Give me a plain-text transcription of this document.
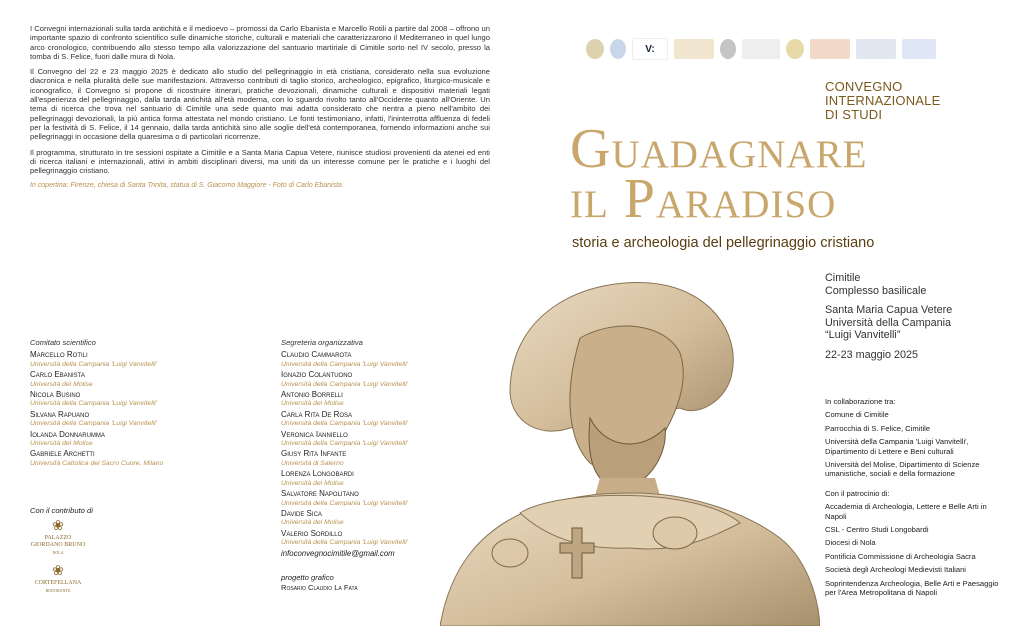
I Convegni internazionali sulla tarda antichità e il medioevo – promossi da Carlo Ebanista e Marcello Rotili a partire dal 2008 – offrono un importante spazio di confronto scientifico sulle dinamiche storiche, culturali e materiali che caratterizzarono il Mediterraneo in quel lungo arco cronologico, contribuendo allo stesso tempo alla valorizzazione del santuario martiriale di Cimitile sorto nel IV secolo, presso la tomba di S. Felice, fuori dalle mura di Nola.

Il Convegno del 22 e 23 maggio 2025 è dedicato allo studio del pellegrinaggio in età cristiana, considerato nella sua evoluzione diacronica e nella pluralità delle sue manifestazioni. Attraverso contributi di taglio storico, archeologico, epigrafico, liturgico-musicale e iconografico, il Convegno si propone di ricostruire itinerari, pratiche devozionali, dinamiche culturali e dispositivi materiali legati all'esperienza del pellegrinaggio, dalla tarda antichità all'età moderna, con lo sguardo rivolto tanto all'Occidente quanto all'Oriente. Un tema di ricerca che trova nel santuario di Cimitile una sede quanto mai adatta considerato che rientra a pieno nell'ambito dei pellegrinaggi devozionali, la più antica forma attestata nel mondo cristiano. Le fonti testimoniano, infatti, l'ininterrotta affluenza di fedeli per la festività di S. Felice, il 14 gennaio, dalla tarda antichità sino alle soglie dell'età contemporanea, fornendo informazioni anche sui pellegrinaggi in occasione della quaresima o di particolari ricorrenze.

Il programma, strutturato in tre sessioni ospitate a Cimitile e a Santa Maria Capua Vetere, riunisce studiosi provenienti da atenei ed enti di ricerca italiani e internazionali, attivi in ambiti disciplinari diversi, ma uniti da un interesse comune per le pratiche e i luoghi del pellegrinaggio cristiano.

In copertina: Firenze, chiesa di Santa Trinita, statua di S. Giacomo Maggiore - Foto di Carlo Ebanista

Comitato scientifico
Marcello Rotili
Università della Campania 'Luigi Vanvitelli'
Carlo Ebanista
Università del Molise
Nicola Busino
Università della Campania 'Luigi Vanvitelli'
Silvana Rapuano
Università della Campania 'Luigi Vanvitelli'
Iolanda Donnarumma
Università del Molise
Gabriele Archetti
Università Cattolica del Sacro Cuore, Milano
Segreteria organizzativa
Claudio Cammarota
Università della Campania 'Luigi Vanvitelli'
Ignazio Colantuono
Università della Campania 'Luigi Vanvitelli'
Antonio Borrelli
Università del Molise
Carla Rita De Rosa
Università della Campania 'Luigi Vanvitelli'
Veronica Ianniello
Università della Campania 'Luigi Vanvitelli'
Giusy Rita Infante
Università di Salerno
Lorenza Longobardi
Università del Molise
Salvatore Napolitano
Università della Campania 'Luigi Vanvitelli'
Davide Sica
Università del Molise
Valerio Sordillo
Università della Campania 'Luigi Vanvitelli'
Con il contributo di
❀
PALAZZO GIORDANO BRUNO
NOLA
❀
CORTEFELLANA
RISTORANTE
infoconvegnocimitile@gmail.com
progetto grafico
Rosario Claudio La Fata
V:
CONVEGNO
INTERNAZIONALE
DI STUDI
Guadagnare
il Paradiso
storia e archeologia del pellegrinaggio cristiano
Cimitile
Complesso basilicale
Santa Maria Capua Vetere
Università della Campania
“Luigi Vanvitelli”
22-23 maggio 2025
In collaborazione tra:
Comune di Cimitile
Parrocchia di S. Felice, Cimitile
Università della Campania 'Luigi Vanvitelli', Dipartimento di Lettere e Beni culturali
Università del Molise, Dipartimento di Scienze umanistiche, sociali e della formazione
Con il patrocinio di:
Accademia di Archeologia, Lettere e Belle Arti in Napoli
CSL - Centro Studi Longobardi
Diocesi di Nola
Pontificia Commissione di Archeologia Sacra
Società degli Archeologi Medievisti Italiani
Soprintendenza Archeologia, Belle Arti e Paesaggio per l'Area Metropolitana di Napoli
